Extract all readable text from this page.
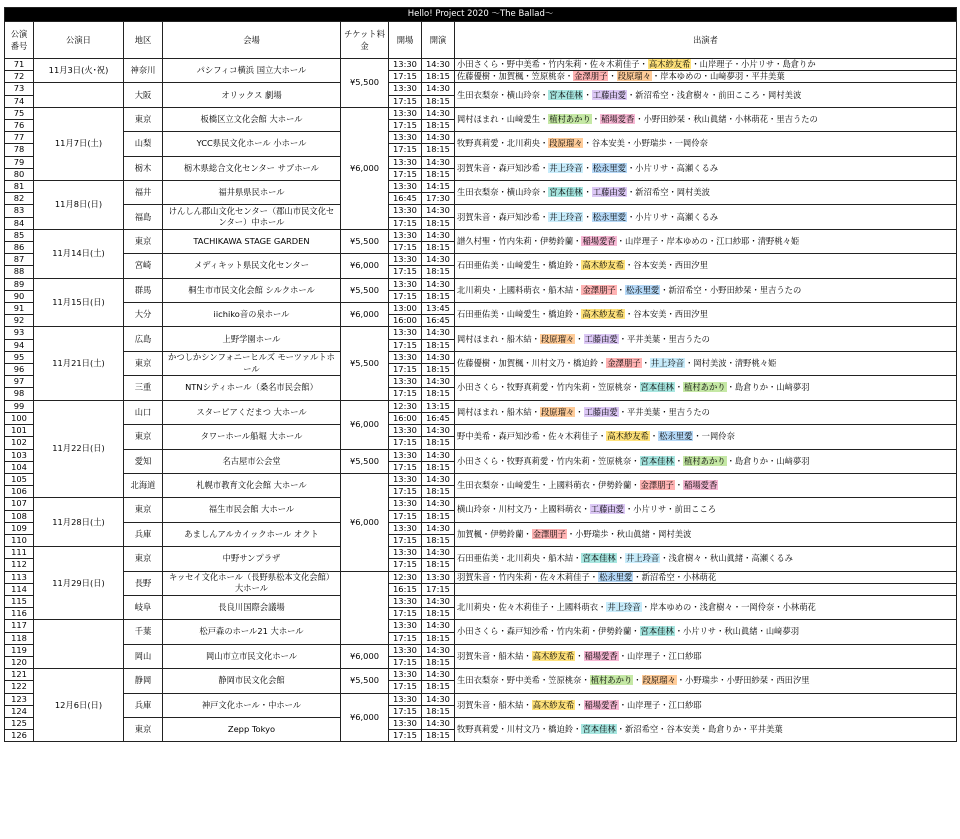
Hello! Project 2020 〜The Ballad〜							
公演番号	公演日	地区	会場	チケット料金	開場	開演	出演者
71	11月3日(火･祝)	神奈川	パシフィコ横浜 国立大ホール	¥5,500	13:30	14:30	小田さくら・野中美希・竹内朱莉・佐々木莉佳子・高木紗友希・山岸理子・小片リサ・島倉りか
72					17:15	18:15	佐藤優樹・加賀楓・笠原桃奈・金澤朋子・段原瑠々・岸本ゆめの・山﨑夢羽・平井美葉
73		大阪	オリックス 劇場		13:30	14:30	生田衣梨奈・横山玲奈・宮本佳林・工藤由愛・新沼希空・浅倉樹々・前田こころ・岡村美波
74					17:15	18:15	
75	11月7日(土)	東京	板橋区立文化会館 大ホール	¥6,000	13:30	14:30	岡村ほまれ・山﨑愛生・植村あかり・稲場愛香・小野田紗栞・秋山眞緒・小林萌花・里吉うたの
76					17:15	18:15	
77		山梨	YCC県民文化ホール 小ホール		13:30	14:30	牧野真莉愛・北川莉央・段原瑠々・谷本安美・小野瑞歩・一岡伶奈
78					17:15	18:15	
79		栃木	栃木県総合文化センター サブホール		13:30	14:30	羽賀朱音・森戸知沙希・井上玲音・松永里愛・小片リサ・高瀬くるみ
80					17:15	18:15	
81	11月8日(日)	福井	福井県県民ホール		13:30	14:15	生田衣梨奈・横山玲奈・宮本佳林・工藤由愛・新沼希空・岡村美波
82					16:45	17:30	
83		福島	けんしん郡山文化センター（郡山市民文化センター）中ホール		13:30	14:30	羽賀朱音・森戸知沙希・井上玲音・松永里愛・小片リサ・高瀬くるみ
84					17:15	18:15	
85	11月14日(土)	東京	TACHIKAWA STAGE GARDEN	¥5,500	13:30	14:30	譜久村聖・竹内朱莉・伊勢鈴蘭・稲場愛香・山岸理子・岸本ゆめの・江口紗耶・清野桃々姫
86					17:15	18:15	
87		宮崎	メディキット県民文化センター	¥6,000	13:30	14:30	石田亜佑美・山﨑愛生・橋迫鈴・高木紗友希・谷本安美・西田汐里
88					17:15	18:15	
89	11月15日(日)	群馬	桐生市市民文化会館 シルクホール	¥5,500	13:30	14:30	北川莉央・上國料萌衣・船木結・金澤朋子・松永里愛・新沼希空・小野田紗栞・里吉うたの
90					17:15	18:15	
91		大分	iichiko音の泉ホール	¥6,000	13:00	13:45	石田亜佑美・山﨑愛生・橋迫鈴・高木紗友希・谷本安美・西田汐里
92					16:00	16:45	
93	11月21日(土)	広島	上野学園ホール	¥5,500	13:30	14:30	岡村ほまれ・船木結・段原瑠々・工藤由愛・平井美葉・里吉うたの
94					17:15	18:15	
95		東京	かつしかシンフォニーヒルズ モーツァルトホール		13:30	14:30	佐藤優樹・加賀楓・川村文乃・橋迫鈴・金澤朋子・井上玲音・岡村美波・清野桃々姫
96					17:15	18:15	
97		三重	NTNシティホール（桑名市民会館）		13:30	14:30	小田さくら・牧野真莉愛・竹内朱莉・笠原桃奈・宮本佳林・植村あかり・島倉りか・山﨑夢羽
98					17:15	18:15	
99	11月22日(日)	山口	スターピアくだまつ 大ホール	¥6,000	12:30	13:15	岡村ほまれ・船木結・段原瑠々・工藤由愛・平井美葉・里吉うたの
100					16:00	16:45	
101		東京	タワーホール船堀 大ホール		13:30	14:30	野中美希・森戸知沙希・佐々木莉佳子・高木紗友希・松永里愛・一岡伶奈
102					17:15	18:15	
103		愛知	名古屋市公会堂	¥5,500	13:30	14:30	小田さくら・牧野真莉愛・竹内朱莉・笠原桃奈・宮本佳林・植村あかり・島倉りか・山﨑夢羽
104					17:15	18:15	
105		北海道	札幌市教育文化会館 大ホール	¥6,000	13:30	14:30	生田衣梨奈・山﨑愛生・上國料萌衣・伊勢鈴蘭・金澤朋子・稲場愛香
106					17:15	18:15	
107	11月28日(土)	東京	福生市民会館 大ホール		13:30	14:30	横山玲奈・川村文乃・上國料萌衣・工藤由愛・小片リサ・前田こころ
108					17:15	18:15	
109		兵庫	あましんアルカイックホール オクト		13:30	14:30	加賀楓・伊勢鈴蘭・金澤朋子・小野瑞歩・秋山眞緒・岡村美波
110					17:15	18:15	
111	11月29日(日)	東京	中野サンプラザ		13:30	14:30	石田亜佑美・北川莉央・船木結・宮本佳林・井上玲音・浅倉樹々・秋山眞緒・高瀬くるみ
112					17:15	18:15	
113		長野	キッセイ文化ホール（長野県松本文化会館）大ホール		12:30	13:30	羽賀朱音・竹内朱莉・佐々木莉佳子・松永里愛・新沼希空・小林萌花
114					16:15	17:15	
115		岐阜	長良川国際会議場		13:30	14:30	北川莉央・佐々木莉佳子・上國料萌衣・井上玲音・岸本ゆめの・浅倉樹々・一岡伶奈・小林萌花
116					17:15	18:15	
117		千葉	松戸森のホール21 大ホール		13:30	14:30	小田さくら・森戸知沙希・竹内朱莉・伊勢鈴蘭・宮本佳林・小片リサ・秋山眞緒・山﨑夢羽
118					17:15	18:15	
119		岡山	岡山市立市民文化ホール	¥6,000	13:30	14:30	羽賀朱音・船木結・高木紗友希・稲場愛香・山岸理子・江口紗耶
120					17:15	18:15	
121	12月6日(日)	静岡	静岡市民文化会館	¥5,500	13:30	14:30	生田衣梨奈・野中美希・笠原桃奈・植村あかり・段原瑠々・小野瑞歩・小野田紗栞・西田汐里
122					17:15	18:15	
123		兵庫	神戸文化ホール・中ホール	¥6,000	13:30	14:30	羽賀朱音・船木結・高木紗友希・稲場愛香・山岸理子・江口紗耶
124					17:15	18:15	
125		東京	Zepp Tokyo		13:30	14:30	牧野真莉愛・川村文乃・橋迫鈴・宮本佳林・新沼希空・谷本安美・島倉りか・平井美葉
126					17:15	18:15	
